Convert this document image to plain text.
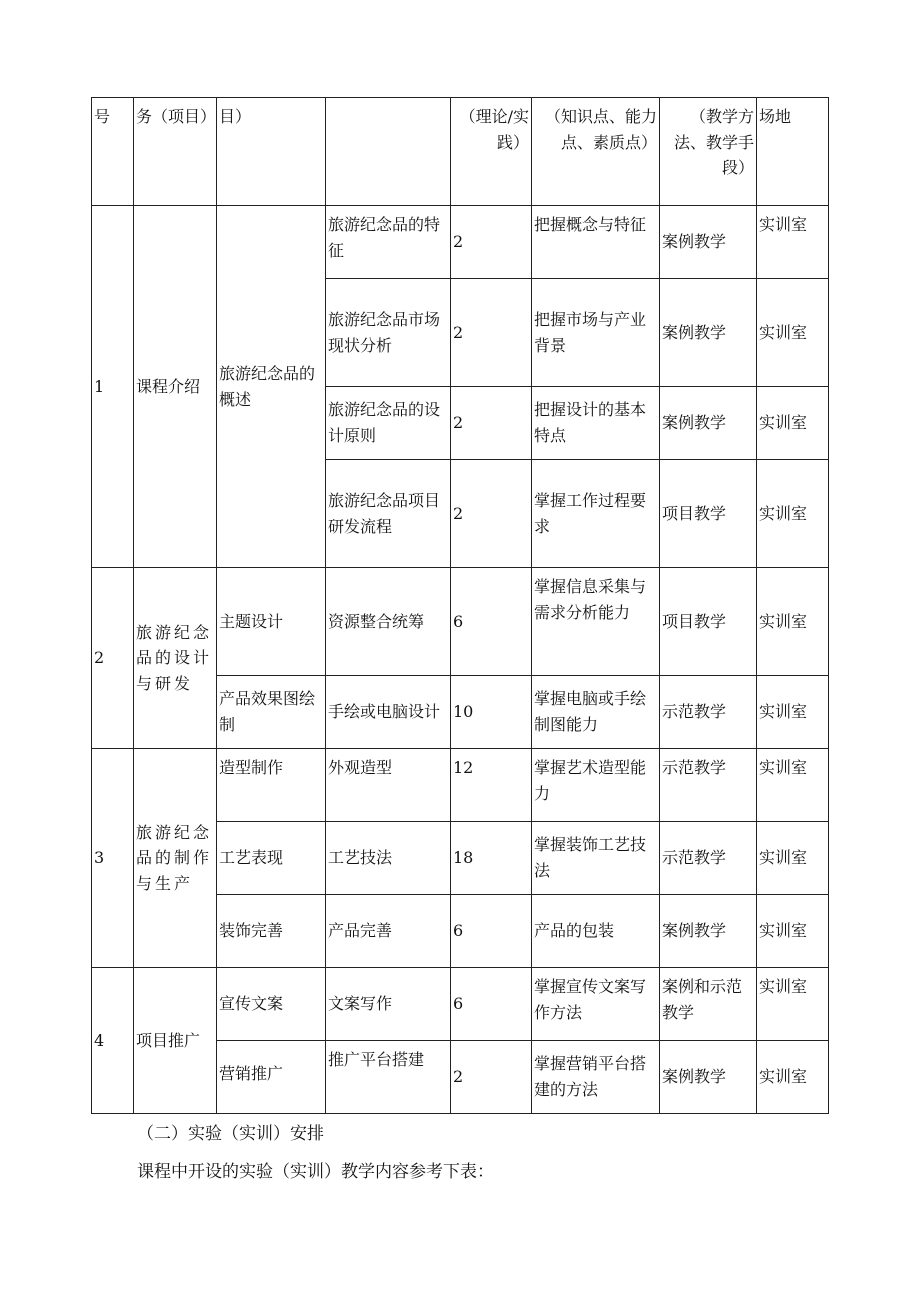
号	务（项目）	目）		（理论/实践）	（知识点、能力点、素质点）	（教学方法、教学手段）	场地
1	课程介绍	旅游纪念品的概述	旅游纪念品的特征	2	把握概念与特征	案例教学	实训室
			旅游纪念品市场现状分析	2	把握市场与产业背景	案例教学	实训室
			旅游纪念品的设计原则	2	把握设计的基本特点	案例教学	实训室
			旅游纪念品项目研发流程	2	掌握工作过程要求	项目教学	实训室
2	旅游纪念品的设计与研发	主题设计	资源整合统筹	6	掌握信息采集与需求分析能力	项目教学	实训室
		产品效果图绘制	手绘或电脑设计	10	掌握电脑或手绘制图能力	示范教学	实训室
3	旅游纪念品的制作与生产	造型制作	外观造型	12	掌握艺术造型能力	示范教学	实训室
		工艺表现	工艺技法	18	掌握装饰工艺技法	示范教学	实训室
		装饰完善	产品完善	6	产品的包装	案例教学	实训室
4	项目推广	宣传文案	文案写作	6	掌握宣传文案写作方法	案例和示范教学	实训室
		营销推广	推广平台搭建	2	掌握营销平台搭建的方法	案例教学	实训室
（二）实验（实训）安排
课程中开设的实验（实训）教学内容参考下表：
